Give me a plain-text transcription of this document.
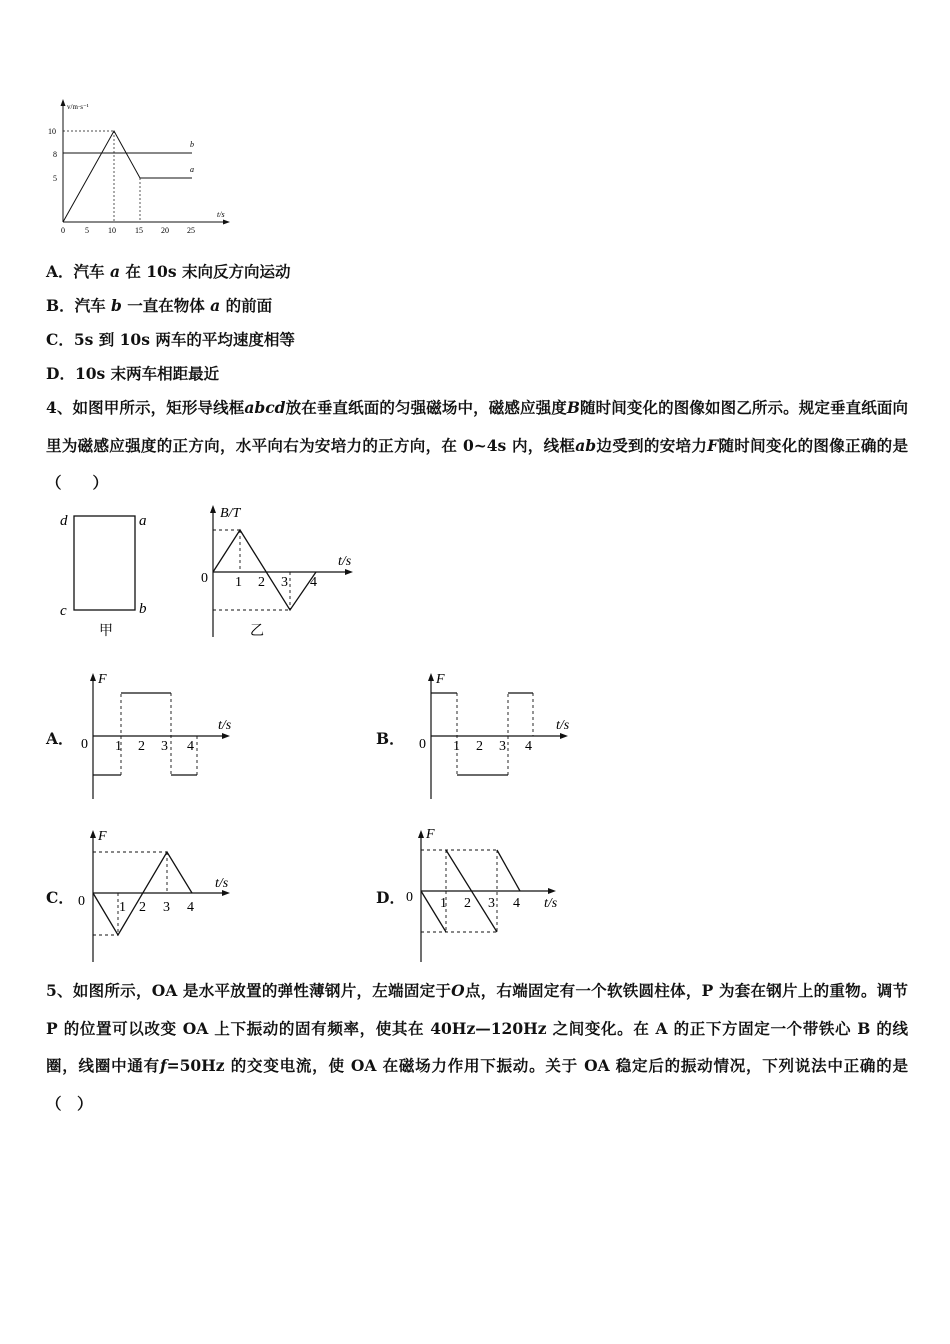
v/m·s⁻¹
t/s
10
8
5
0	5 10 15 20 25
b
a
A．汽车 a 在 10s 末向反方向运动
B．汽车 b 一直在物体 a 的前面
C．5s 到 10s 两车的平均速度相等
D．10s 末两车相距最近
4、如图甲所示，矩形导线框abcd放在垂直纸面的匀强磁场中，磁感应强度B随时间变化的图像如图乙所示。规定垂直纸面向里为磁感应强度的正方向，水平向右为安培力的正方向，在 0~4s 内，线框ab边受到的安培力F随时间变化的图像正确的是（　　）
d	a
c	b
甲
B/T
t/s
0 1 2 3 4
乙
A．
F
t/s
0 1 2 3 4	B．
F
t/s
0 1 2 3 4
C．
F
t/s
0 1 2 3 4
D．
F
t/s
0 1 2 3 4
5、如图所示，OA 是水平放置的弹性薄钢片，左端固定于O点，右端固定有一个软铁圆柱体，P 为套在钢片上的重物。调节 P 的位置可以改变 OA 上下振动的固有频率，使其在 40Hz—120Hz 之间变化。在 A 的正下方固定一个带铁心 B 的线圈，线圈中通有f=50Hz 的交变电流，使 OA 在磁场力作用下振动。关于 OA 稳定后的振动情况，下列说法中正确的是（　）
